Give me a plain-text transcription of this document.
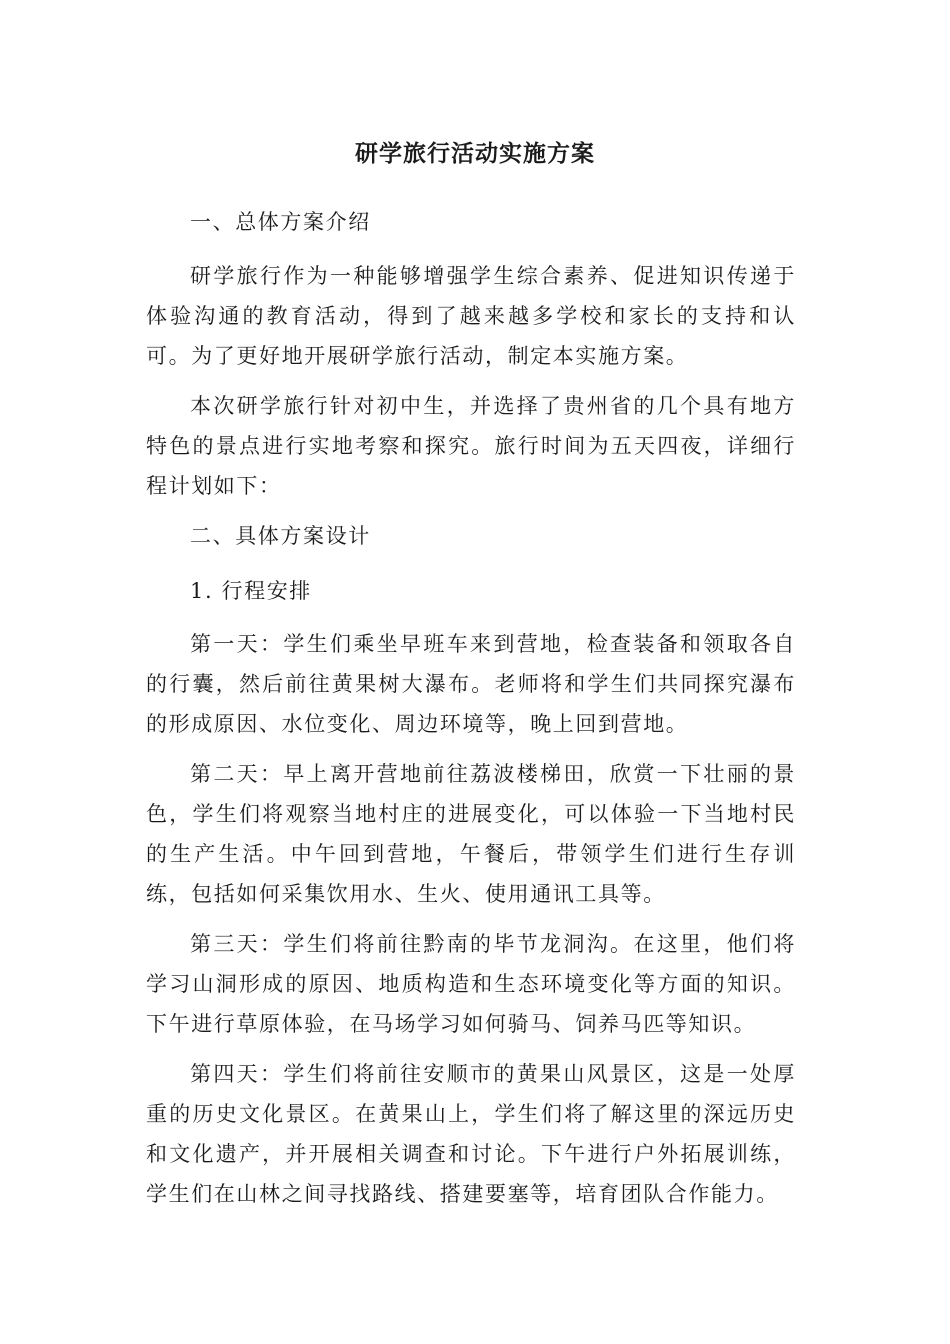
研学旅行活动实施方案

一、总体方案介绍

研学旅行作为一种能够增强学生综合素养、促进知识传递于体验沟通的教育活动，得到了越来越多学校和家长的支持和认可。为了更好地开展研学旅行活动，制定本实施方案。

本次研学旅行针对初中生，并选择了贵州省的几个具有地方特色的景点进行实地考察和探究。旅行时间为五天四夜，详细行程计划如下：

二、具体方案设计

1. 行程安排

第一天：学生们乘坐早班车来到营地，检查装备和领取各自的行囊，然后前往黄果树大瀑布。老师将和学生们共同探究瀑布的形成原因、水位变化、周边环境等，晚上回到营地。

第二天：早上离开营地前往荔波楼梯田，欣赏一下壮丽的景色，学生们将观察当地村庄的进展变化，可以体验一下当地村民的生产生活。中午回到营地，午餐后，带领学生们进行生存训练，包括如何采集饮用水、生火、使用通讯工具等。

第三天：学生们将前往黔南的毕节龙洞沟。在这里，他们将学习山洞形成的原因、地质构造和生态环境变化等方面的知识。下午进行草原体验，在马场学习如何骑马、饲养马匹等知识。

第四天：学生们将前往安顺市的黄果山风景区，这是一处厚重的历史文化景区。在黄果山上，学生们将了解这里的深远历史和文化遗产，并开展相关调查和讨论。下午进行户外拓展训练，学生们在山林之间寻找路线、搭建要塞等，培育团队合作能力。
